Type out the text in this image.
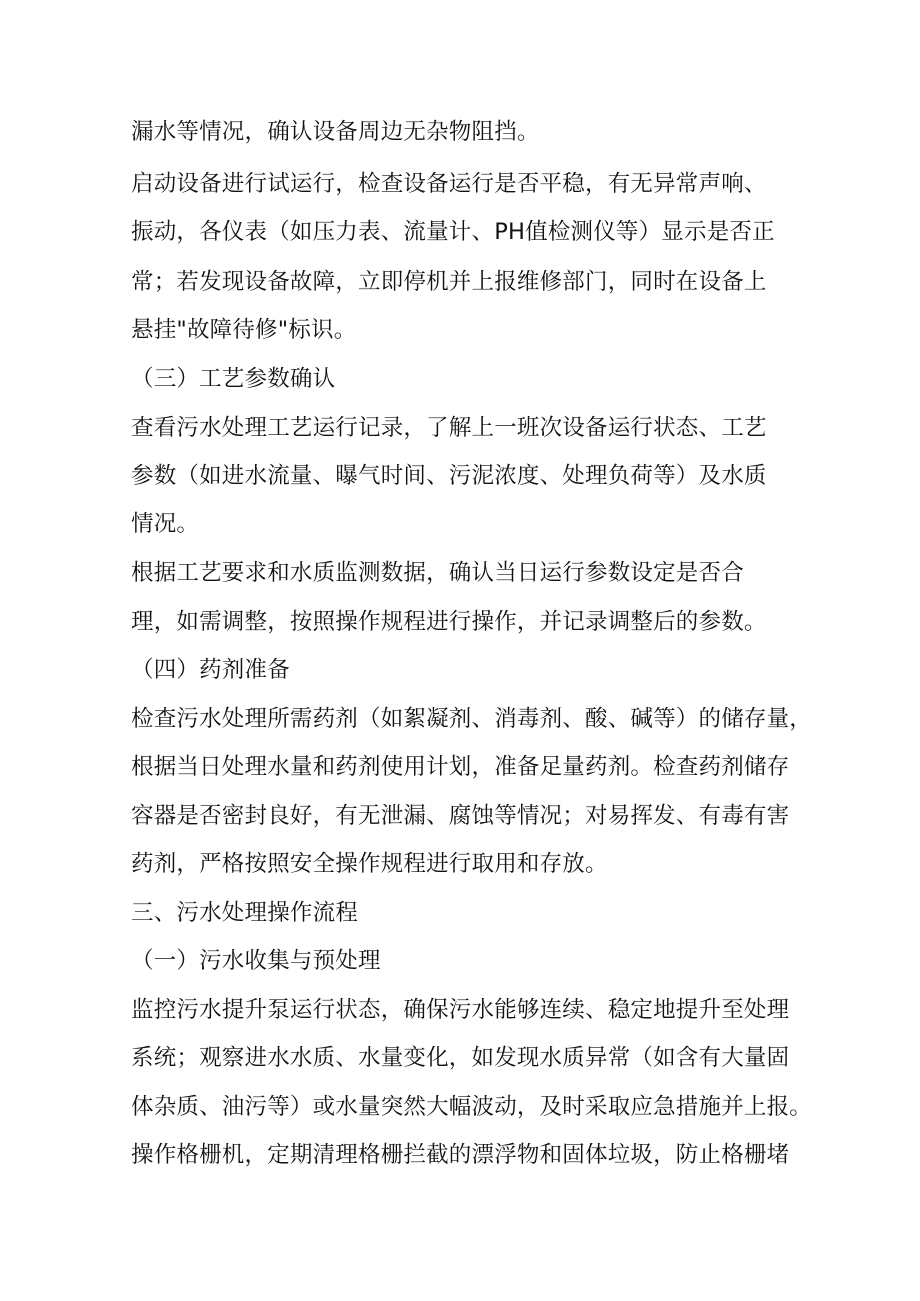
漏水等情况，确认设备周边无杂物阻挡。
启动设备进行试运行，检查设备运行是否平稳，有无异常声响、
振动，各仪表（如压力表、流量计、PH值检测仪等）显示是否正
常；若发现设备故障，立即停机并上报维修部门，同时在设备上
悬挂"故障待修"标识。
（三）工艺参数确认
查看污水处理工艺运行记录，了解上一班次设备运行状态、工艺
参数（如进水流量、曝气时间、污泥浓度、处理负荷等）及水质
情况。
根据工艺要求和水质监测数据，确认当日运行参数设定是否合
理，如需调整，按照操作规程进行操作，并记录调整后的参数。
（四）药剂准备
检查污水处理所需药剂（如絮凝剂、消毒剂、酸、碱等）的储存量，
根据当日处理水量和药剂使用计划，准备足量药剂。检查药剂储存
容器是否密封良好，有无泄漏、腐蚀等情况；对易挥发、有毒有害
药剂，严格按照安全操作规程进行取用和存放。
三、污水处理操作流程
（一）污水收集与预处理
监控污水提升泵运行状态，确保污水能够连续、稳定地提升至处理
系统；观察进水水质、水量变化，如发现水质异常（如含有大量固
体杂质、油污等）或水量突然大幅波动，及时采取应急措施并上报。
操作格栅机，定期清理格栅拦截的漂浮物和固体垃圾，防止格栅堵
